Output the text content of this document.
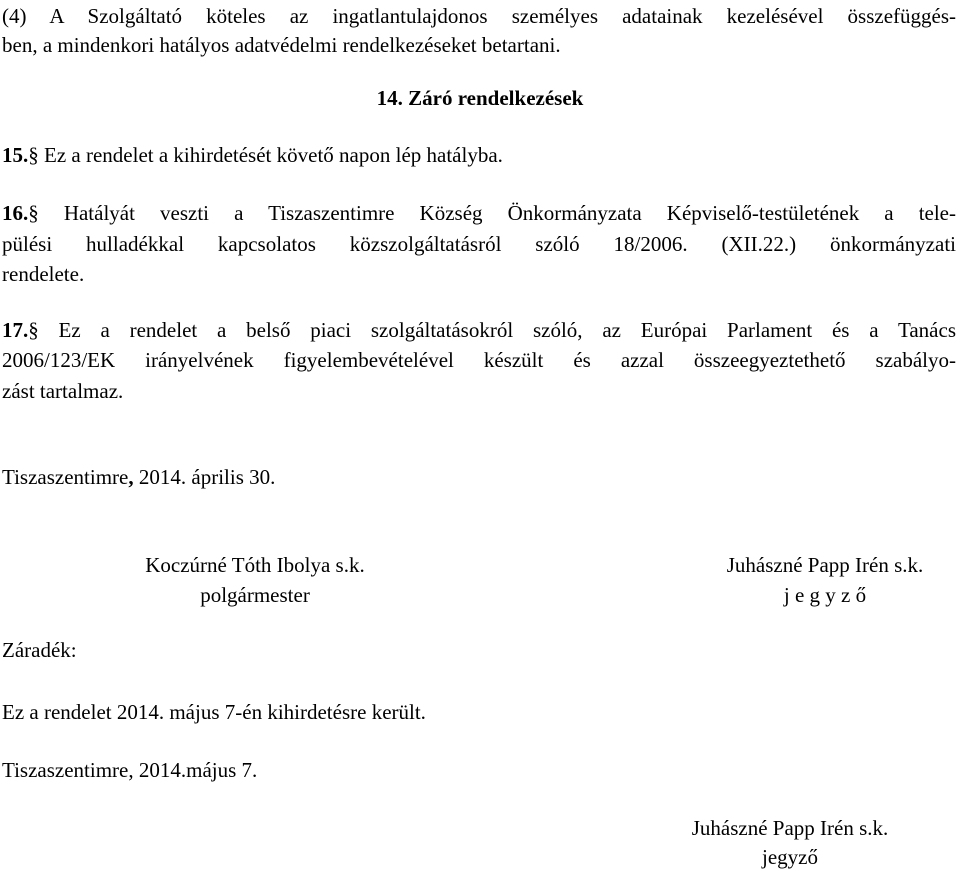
(4) A Szolgáltató köteles az ingatlantulajdonos személyes adatainak kezelésével összefüggés-
ben, a mindenkori hatályos adatvédelmi rendelkezéseket betartani.
14. Záró rendelkezések
15.§ Ez a rendelet a kihirdetését követő napon lép hatályba.
16.§ Hatályát veszti a Tiszaszentimre Község Önkormányzata Képviselő-testületének a tele-
pülési hulladékkal kapcsolatos közszolgáltatásról szóló 18/2006. (XII.22.) önkormányzati
rendelete.
17.§ Ez a rendelet a belső piaci szolgáltatásokról szóló, az Európai Parlament és a Tanács
2006/123/EK irányelvének figyelembevételével készült és azzal összeegyeztethető szabályo-
zást tartalmaz.
Tiszaszentimre, 2014. április 30.
Koczúrné Tóth Ibolya s.k.
polgármester
Juhászné Papp Irén s.k.
j e g y z ő
Záradék:
Ez a rendelet 2014. május 7-én kihirdetésre került.
Tiszaszentimre, 2014.május 7.
Juhászné Papp Irén s.k.
jegyző
